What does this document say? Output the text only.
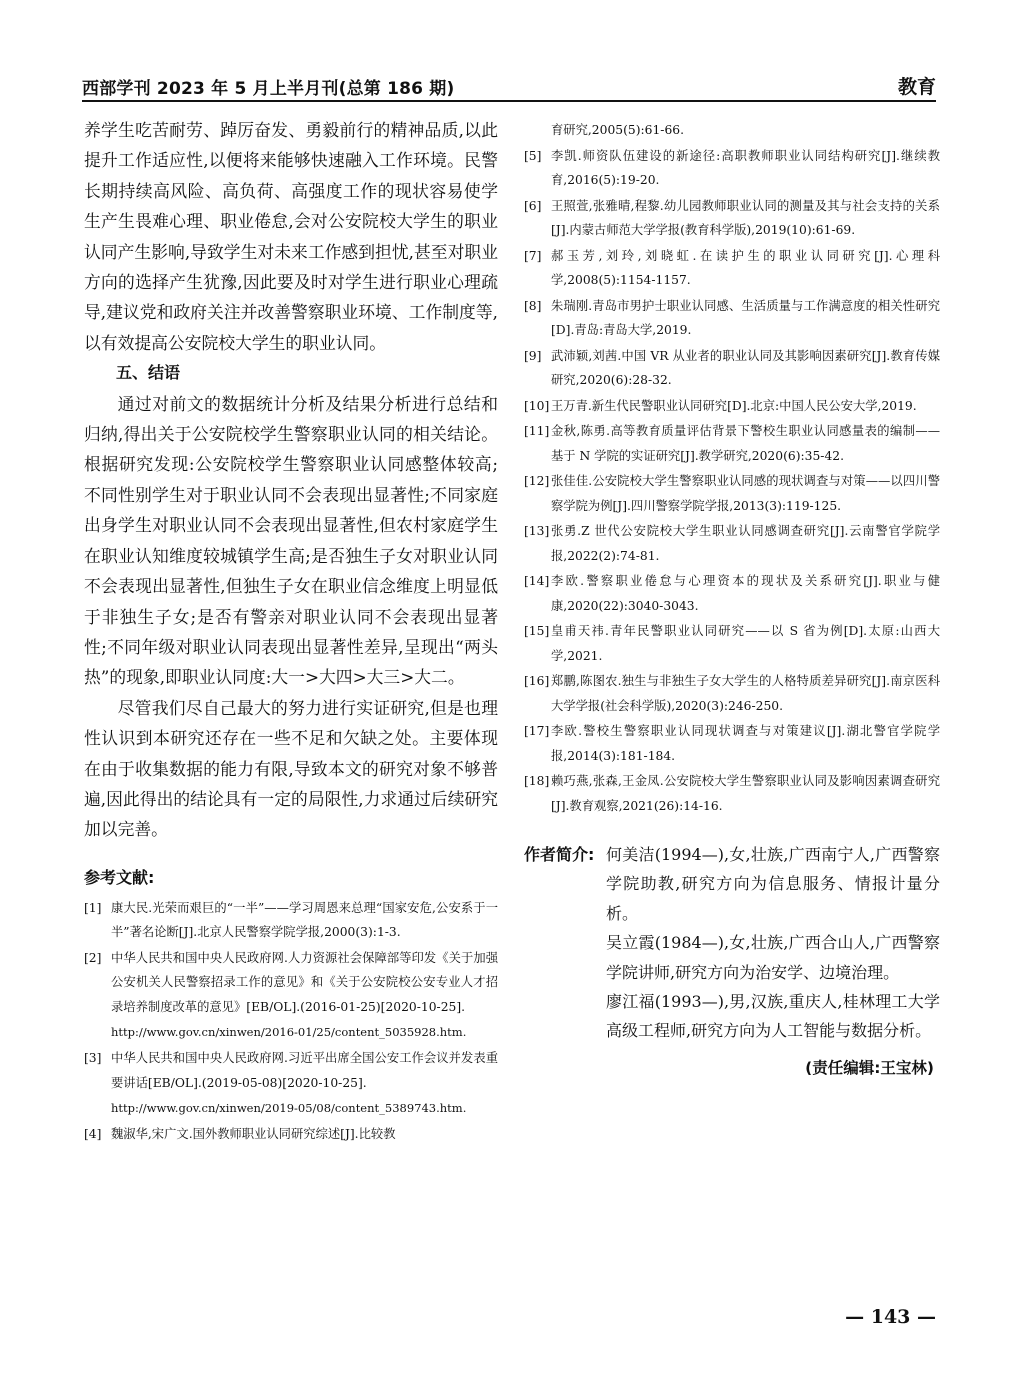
西部学刊 2023 年 5 月上半月刊(总第 186 期)	教育

养学生吃苦耐劳、踔厉奋发、勇毅前行的精神品质,以此提升工作适应性,以便将来能够快速融入工作环境。民警长期持续高风险、高负荷、高强度工作的现状容易使学生产生畏难心理、职业倦怠,会对公安院校大学生的职业认同产生影响,导致学生对未来工作感到担忧,甚至对职业方向的选择产生犹豫,因此要及时对学生进行职业心理疏导,建议党和政府关注并改善警察职业环境、工作制度等,以有效提高公安院校大学生的职业认同。

五、结语

通过对前文的数据统计分析及结果分析进行总结和归纳,得出关于公安院校学生警察职业认同的相关结论。根据研究发现:公安院校学生警察职业认同感整体较高;不同性别学生对于职业认同不会表现出显著性;不同家庭出身学生对职业认同不会表现出显著性,但农村家庭学生在职业认知维度较城镇学生高;是否独生子女对职业认同不会表现出显著性,但独生子女在职业信念维度上明显低于非独生子女;是否有警亲对职业认同不会表现出显著性;不同年级对职业认同表现出显著性差异,呈现出“两头热”的现象,即职业认同度:大一>大四>大三>大二。

尽管我们尽自己最大的努力进行实证研究,但是也理性认识到本研究还存在一些不足和欠缺之处。主要体现在由于收集数据的能力有限,导致本文的研究对象不够普遍,因此得出的结论具有一定的局限性,力求通过后续研究加以完善。

参考文献:
[1] 康大民.光荣而艰巨的“一半”——学习周恩来总理“国家安危,公安系于一半”著名论断[J].北京人民警察学院学报,2000(3):1-3.
[2] 中华人民共和国中央人民政府网.人力资源社会保障部等印发《关于加强公安机关人民警察招录工作的意见》和《关于公安院校公安专业人才招录培养制度改革的意见》[EB/OL].(2016-01-25)[2020-10-25].
http://www.gov.cn/xinwen/2016-01/25/content_5035928.htm.
[3] 中华人民共和国中央人民政府网.习近平出席全国公安工作会议并发表重要讲话[EB/OL].(2019-05-08)[2020-10-25].
http://www.gov.cn/xinwen/2019-05/08/content_5389743.htm.
[4] 魏淑华,宋广文.国外教师职业认同研究综述[J].比较教
育研究,2005(5):61-66.
[5] 李凯.师资队伍建设的新途径:高职教师职业认同结构研究[J].继续教育,2016(5):19-20.
[6] 王照萱,张雅晴,程黎.幼儿园教师职业认同的测量及其与社会支持的关系[J].内蒙古师范大学学报(教育科学版),2019(10):61-69.
[7] 郝玉芳,刘玲,刘晓虹.在读护生的职业认同研究[J].心理科学,2008(5):1154-1157.
[8] 朱瑞刚.青岛市男护士职业认同感、生活质量与工作满意度的相关性研究[D].青岛:青岛大学,2019.
[9] 武沛颖,刘茜.中国 VR 从业者的职业认同及其影响因素研究[J].教育传媒研究,2020(6):28-32.
[10] 王万青.新生代民警职业认同研究[D].北京:中国人民公安大学,2019.
[11] 金秋,陈勇.高等教育质量评估背景下警校生职业认同感量表的编制——基于 N 学院的实证研究[J].教学研究,2020(6):35-42.
[12] 张佳佳.公安院校大学生警察职业认同感的现状调查与对策——以四川警察学院为例[J].四川警察学院学报,2013(3):119-125.
[13] 张勇.Z 世代公安院校大学生职业认同感调查研究[J].云南警官学院学报,2022(2):74-81.
[14] 李欧.警察职业倦怠与心理资本的现状及关系研究[J].职业与健康,2020(22):3040-3043.
[15] 皇甫天祎.青年民警职业认同研究——以 S 省为例[D].太原:山西大学,2021.
[16] 郑鹏,陈图农.独生与非独生子女大学生的人格特质差异研究[J].南京医科大学学报(社会科学版),2020(3):246-250.
[17] 李欧.警校生警察职业认同现状调查与对策建议[J].湖北警官学院学报,2014(3):181-184.
[18] 赖巧燕,张森,王金凤.公安院校大学生警察职业认同及影响因素调查研究[J].教育观察,2021(26):14-16.
作者简介: 何美洁(1994—),女,壮族,广西南宁人,广西警察学院助教,研究方向为信息服务、情报计量分析。

吴立霞(1984—),女,壮族,广西合山人,广西警察学院讲师,研究方向为治安学、边境治理。

廖江福(1993—),男,汉族,重庆人,桂林理工大学高级工程师,研究方向为人工智能与数据分析。

(责任编辑:王宝林)
— 143 —
